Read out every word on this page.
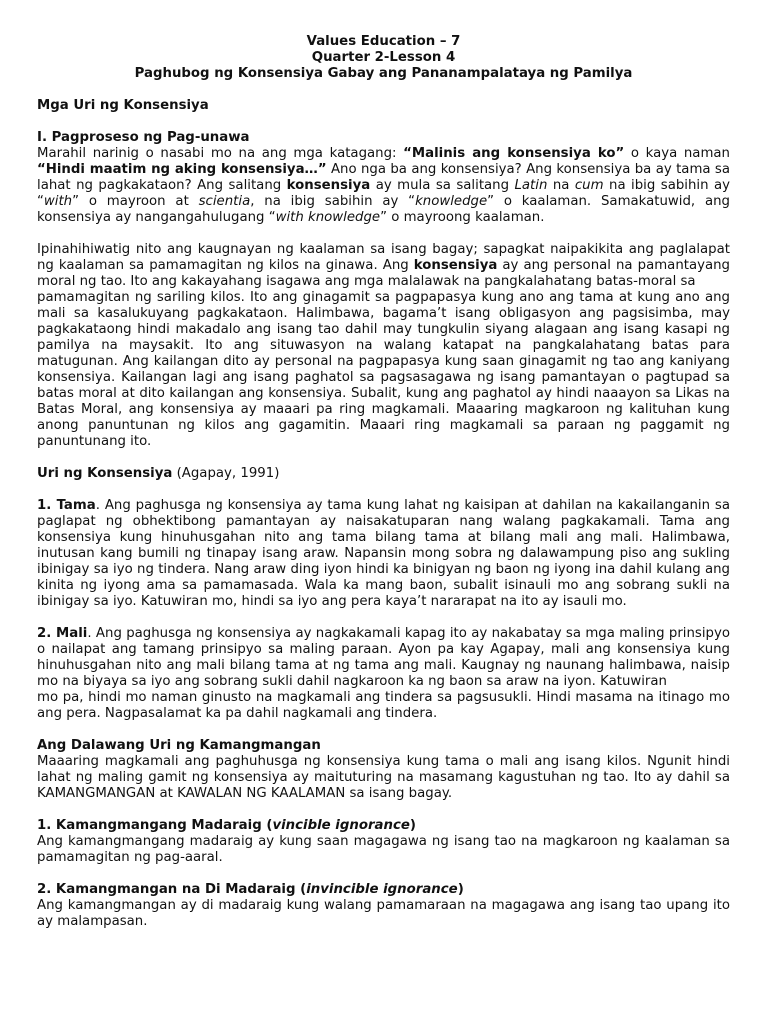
Values Education – 7
Quarter 2-Lesson 4
Paghubog ng Konsensiya Gabay ang Pananampalataya ng Pamilya
Mga Uri ng Konsensiya
I. Pagproseso ng Pag-unawa

Marahil narinig o nasabi mo na ang mga katagang: “Malinis ang konsensiya ko” o kaya naman “Hindi maatim ng aking konsensiya…” Ano nga ba ang konsensiya? Ang konsensiya ba ay tama sa lahat ng pagkakataon? Ang salitang konsensiya ay mula sa salitang Latin na cum na ibig sabihin ay “with” o mayroon at scientia, na ibig sabihin ay “knowledge” o kaalaman. Samakatuwid, ang konsensiya ay nangangahulugang “with knowledge” o mayroong kaalaman.

Ipinahihiwatig nito ang kaugnayan ng kaalaman sa isang bagay; sapagkat naipakikita ang paglalapat ng kaalaman sa pamamagitan ng kilos na ginawa. Ang konsensiya ay ang personal na pamantayang moral ng tao. Ito ang kakayahang isagawa ang mga malalawak na pangkalahatang batas-moral sa

pamamagitan ng sariling kilos. Ito ang ginagamit sa pagpapasya kung ano ang tama at kung ano ang mali sa kasalukuyang pagkakataon. Halimbawa, bagama’t isang obligasyon ang pagsisimba, may pagkakataong hindi makadalo ang isang tao dahil may tungkulin siyang alagaan ang isang kasapi ng pamilya na maysakit. Ito ang situwasyon na walang katapat na pangkalahatang batas para matugunan. Ang kailangan dito ay personal na pagpapasya kung saan ginagamit ng tao ang kaniyang konsensiya. Kailangan lagi ang isang paghatol sa pagsasagawa ng isang pamantayan o pagtupad sa batas moral at dito kailangan ang konsensiya. Subalit, kung ang paghatol ay hindi naaayon sa Likas na Batas Moral, ang konsensiya ay maaari pa ring magkamali. Maaaring magkaroon ng kalituhan kung anong panuntunan ng kilos ang gagamitin. Maaari ring magkamali sa paraan ng paggamit ng panuntunang ito.

Uri ng Konsensiya (Agapay, 1991)

1. Tama. Ang paghusga ng konsensiya ay tama kung lahat ng kaisipan at dahilan na kakailanganin sa paglapat ng obhektibong pamantayan ay naisakatuparan nang walang pagkakamali. Tama ang konsensiya kung hinuhusgahan nito ang tama bilang tama at bilang mali ang mali. Halimbawa, inutusan kang bumili ng tinapay isang araw. Napansin mong sobra ng dalawampung piso ang sukling ibinigay sa iyo ng tindera. Nang araw ding iyon hindi ka binigyan ng baon ng iyong ina dahil kulang ang kinita ng iyong ama sa pamamasada. Wala ka mang baon, subalit isinauli mo ang sobrang sukli na ibinigay sa iyo. Katuwiran mo, hindi sa iyo ang pera kaya’t nararapat na ito ay isauli mo.

2. Mali. Ang paghusga ng konsensiya ay nagkakamali kapag ito ay nakabatay sa mga maling prinsipyo o nailapat ang tamang prinsipyo sa maling paraan. Ayon pa kay Agapay, mali ang konsensiya kung hinuhusgahan nito ang mali bilang tama at ng tama ang mali. Kaugnay ng naunang halimbawa, naisip mo na biyaya sa iyo ang sobrang sukli dahil nagkaroon ka ng baon sa araw na iyon. Katuwiran

mo pa, hindi mo naman ginusto na magkamali ang tindera sa pagsusukli. Hindi masama na itinago mo ang pera. Nagpasalamat ka pa dahil nagkamali ang tindera.

Ang Dalawang Uri ng Kamangmangan

Maaaring magkamali ang paghuhusga ng konsensiya kung tama o mali ang isang kilos. Ngunit hindi lahat ng maling gamit ng konsensiya ay maituturing na masamang kagustuhan ng tao. Ito ay dahil sa KAMANGMANGAN at KAWALAN NG KAALAMAN sa isang bagay.

1. Kamangmangang Madaraig (vincible ignorance)

Ang kamangmangang madaraig ay kung saan magagawa ng isang tao na magkaroon ng kaalaman sa pamamagitan ng pag-aaral.

2. Kamangmangan na Di Madaraig (invincible ignorance)

Ang kamangmangan ay di madaraig kung walang pamamaraan na magagawa ang isang tao upang ito ay malampasan.
